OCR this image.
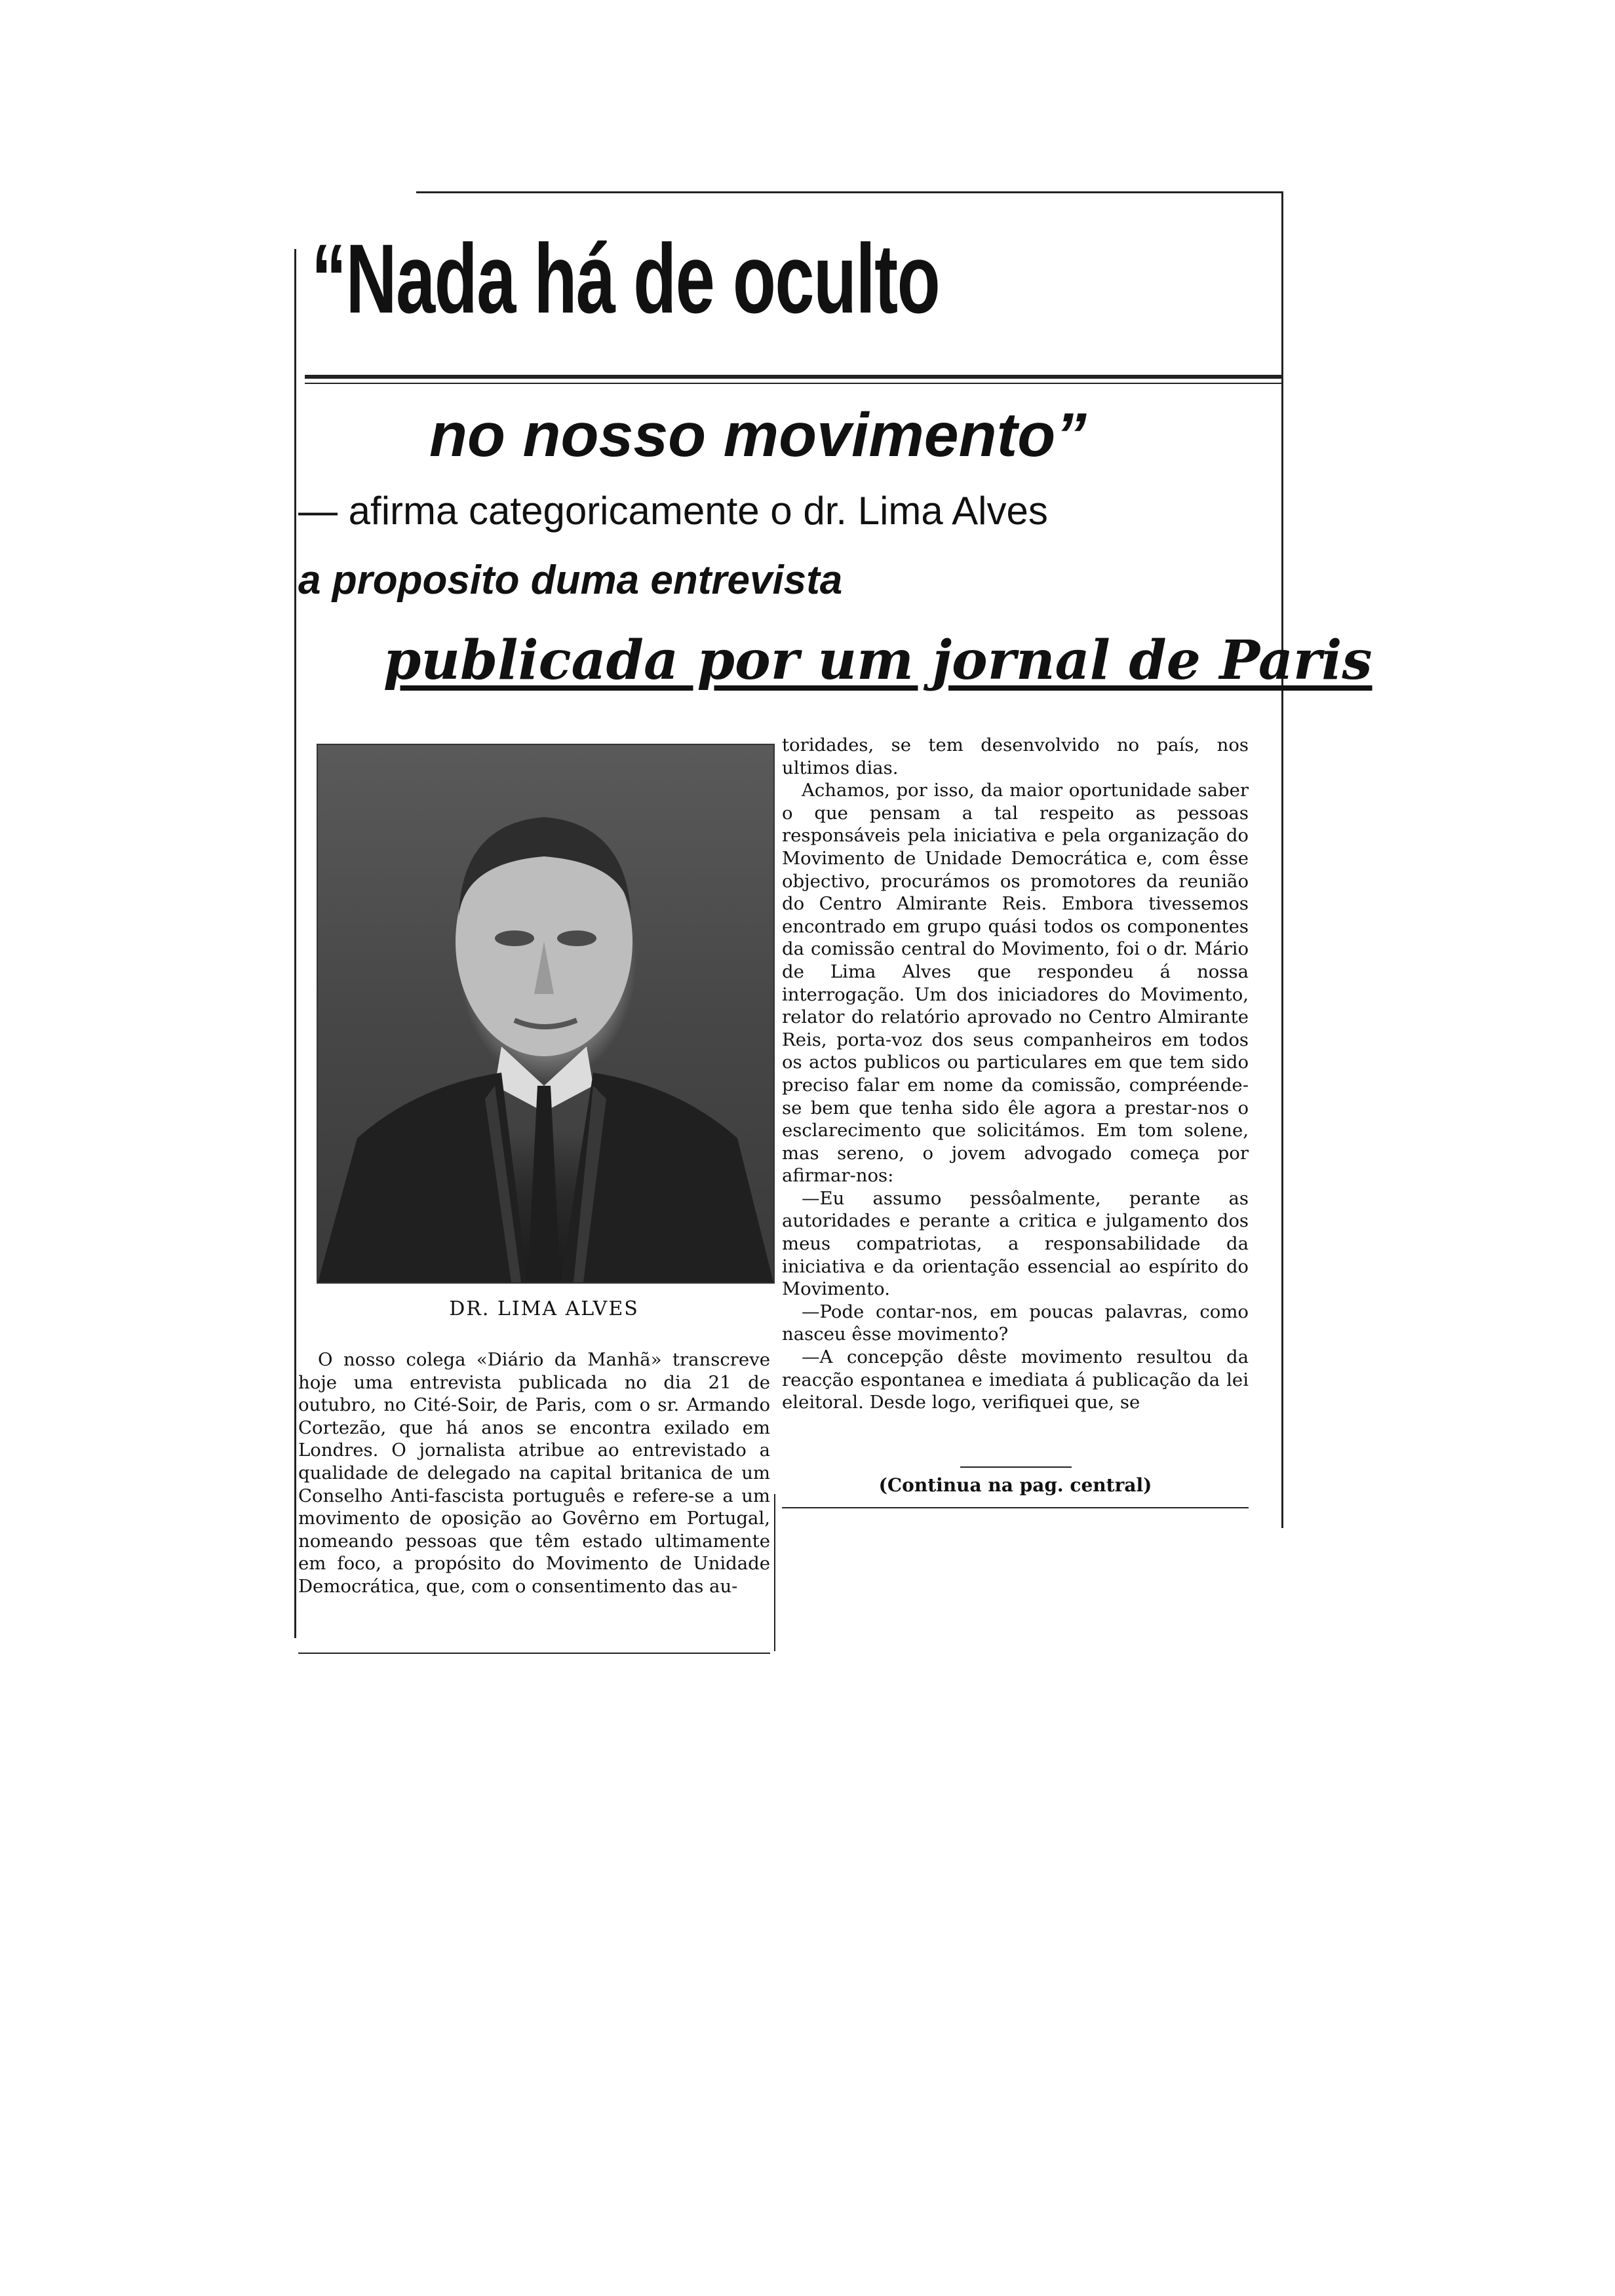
“Nada há de oculto
no nosso movimento”
— afirma categoricamente o dr. Lima Alves
a proposito duma entrevista
publicada por um jornal de Paris
DR. LIMA ALVES

O nosso colega «Diário da Manhã» transcreve hoje uma entrevista publicada no dia 21 de outubro, no Cité-Soir, de Paris, com o sr. Armando Cortezão, que há anos se encontra exilado em Londres. O jornalista atribue ao entrevistado a qualidade de delegado na capital britanica de um Conselho Anti-fascista português e refere-se a um movimento de oposição ao Govêrno em Portugal, nomeando pessoas que têm estado ultimamente em foco, a propósito do Movimento de Unidade Democrática, que, com o consentimento das au-

toridades, se tem desenvolvido no país, nos ultimos dias.

Achamos, por isso, da maior oportunidade saber o que pensam a tal respeito as pessoas responsáveis pela iniciativa e pela organização do Movimento de Unidade Democrática e, com êsse objectivo, procurámos os promotores da reunião do Centro Almirante Reis. Embora tivessemos encontrado em grupo quási todos os componentes da comissão central do Movimento, foi o dr. Mário de Lima Alves que respondeu á nossa interrogação. Um dos iniciadores do Movimento, relator do relatório aprovado no Centro Almirante Reis, porta-voz dos seus companheiros em todos os actos publicos ou particulares em que tem sido preciso falar em nome da comissão, compréende-se bem que tenha sido êle agora a prestar-nos o esclarecimento que solicitámos. Em tom solene, mas sereno, o jovem advogado começa por afirmar-nos:

—Eu assumo pessôalmente, perante as autoridades e perante a critica e julgamento dos meus compatriotas, a responsabilidade da iniciativa e da orientação essencial ao espírito do Movimento.

—Pode contar-nos, em poucas palavras, como nasceu êsse movimento?

—A concepção dêste movimento resultou da reacção espontanea e imediata á publicação da lei eleitoral. Desde logo, verifiquei que, se

(Continua na pag. central)
